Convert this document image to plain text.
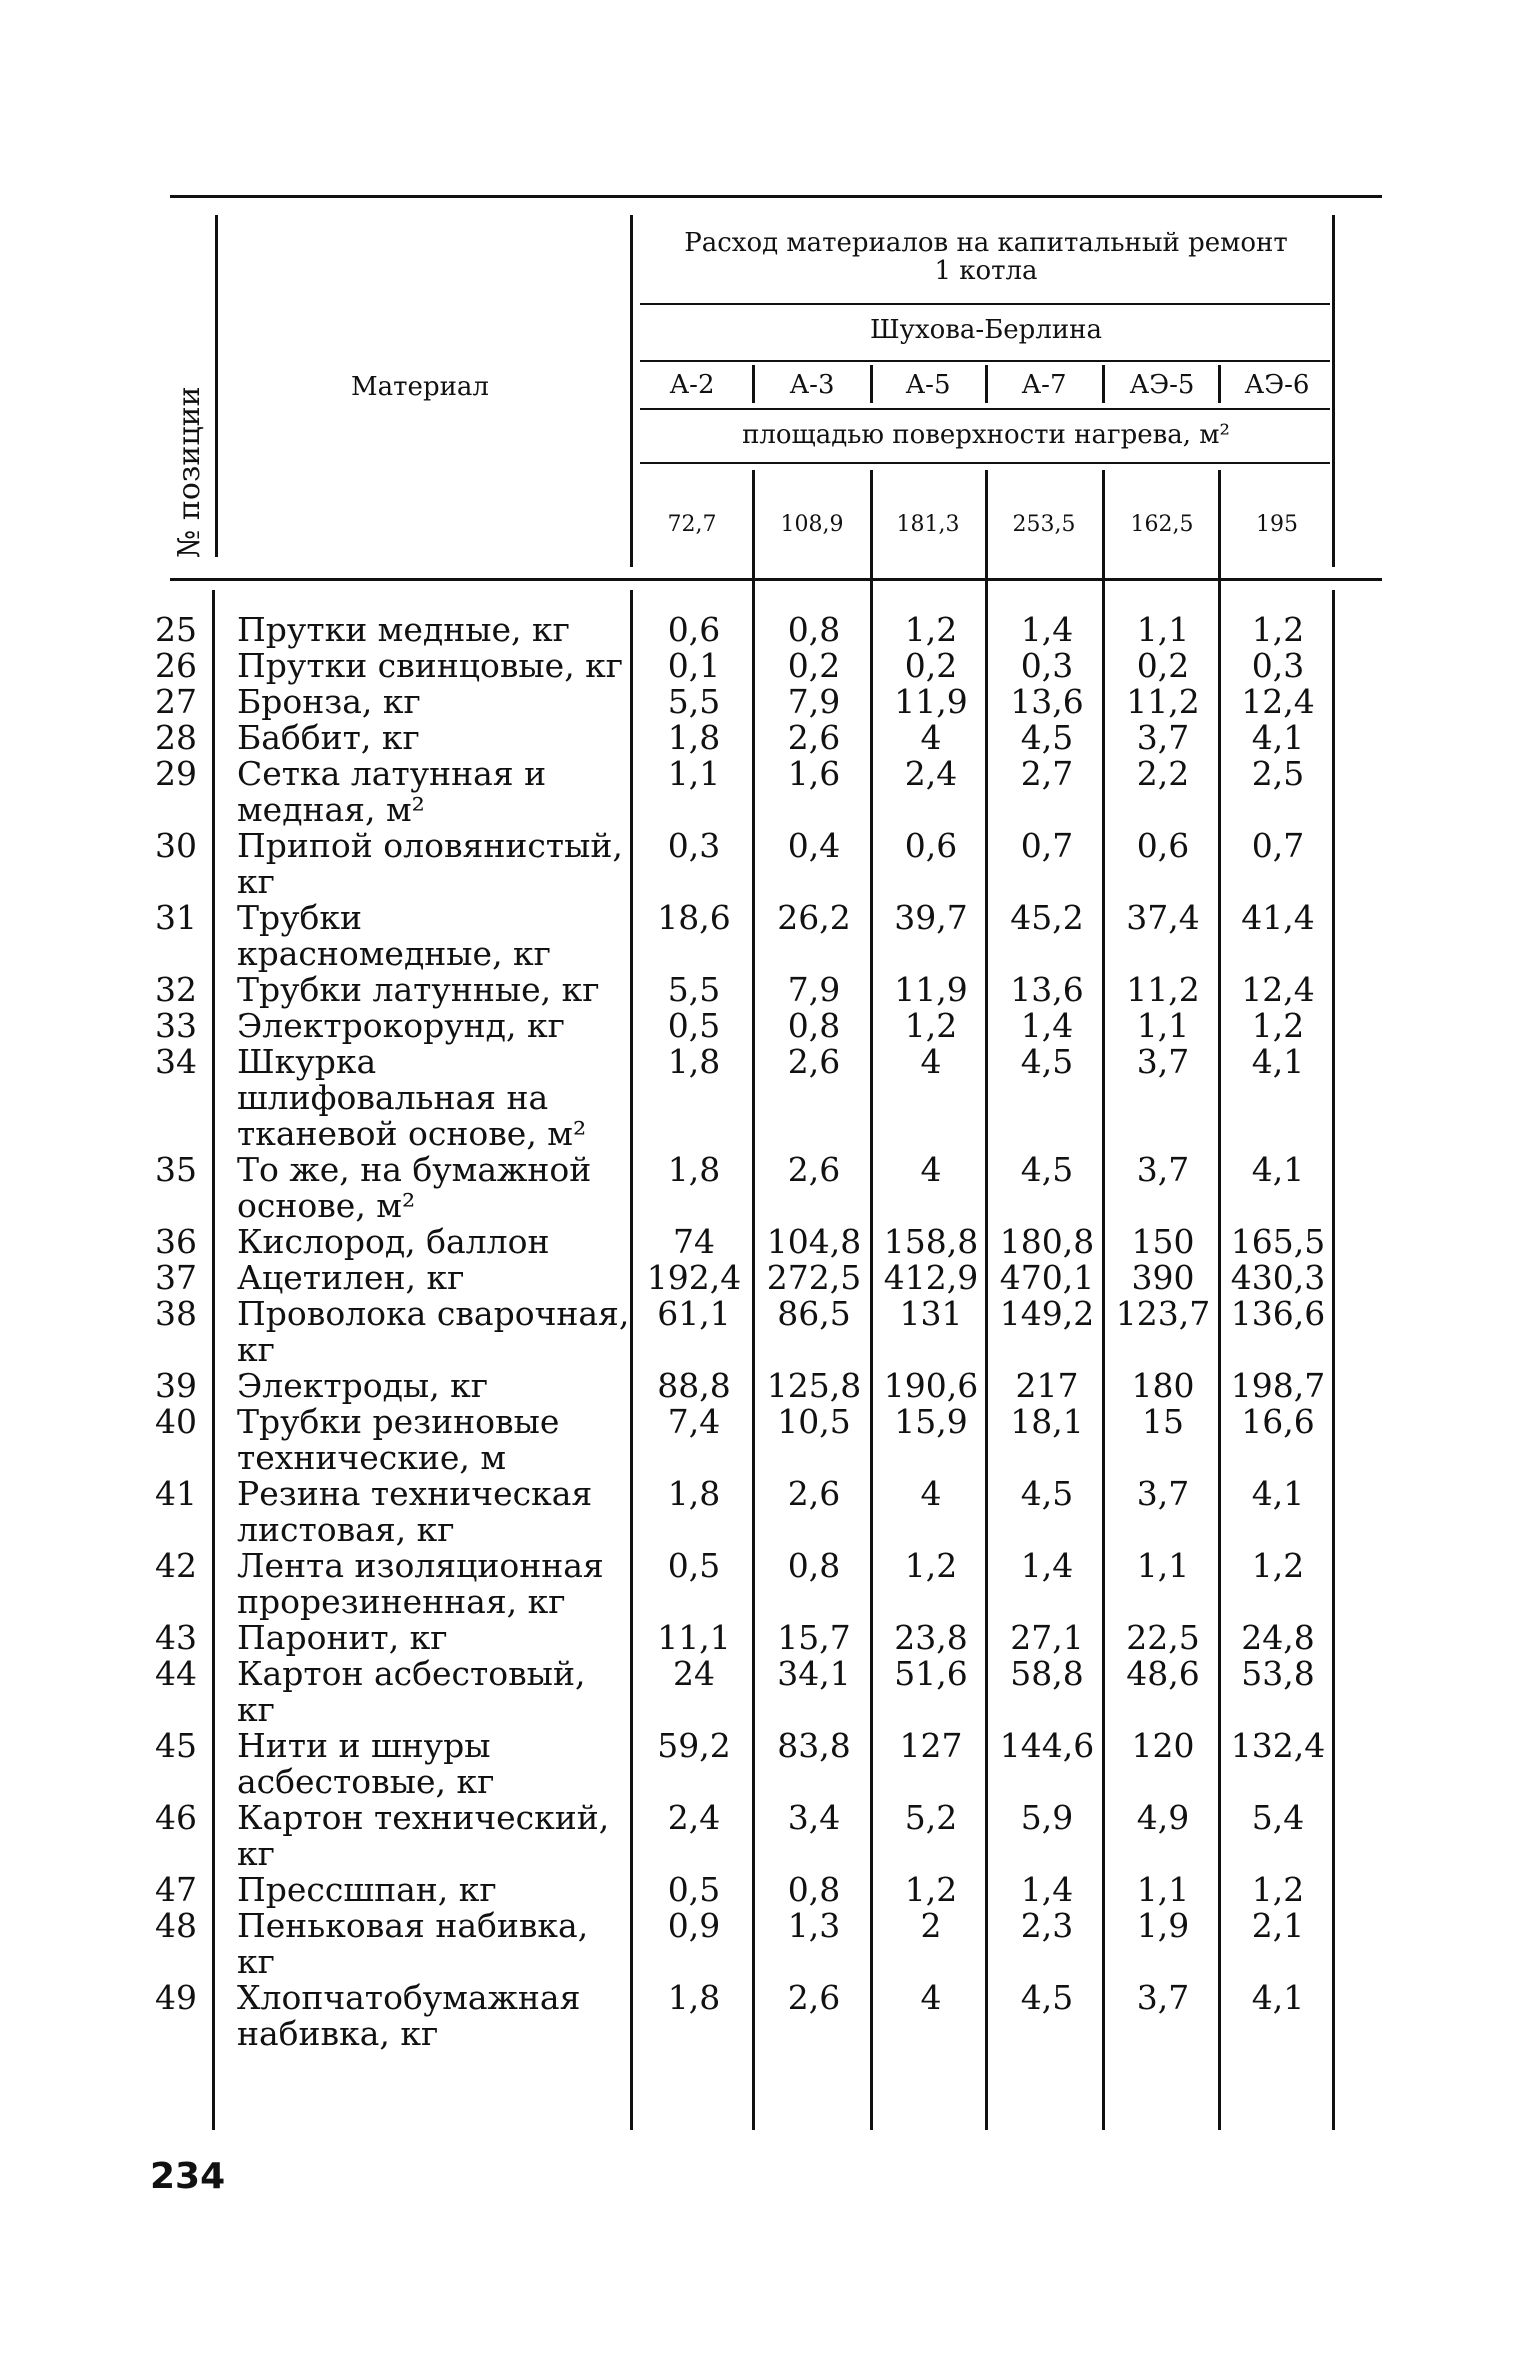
№ позиции	Материал
Расход материалов на капитальный ремонт
1 котла
Шухова-Берлина
А-2	А-3	А-5	А-7	АЭ-5	АЭ-6
площадью поверхности нагрева, м²
72,7	108,9	181,3	253,5	162,5	195
25	Прутки медные, кг	0,6	0,8	1,2	1,4	1,1	1,2
26	Прутки свинцовые, кг	0,1	0,2	0,2	0,3	0,2	0,3
27	Бронза, кг	5,5	7,9	11,9	13,6	11,2	12,4
28	Баббит, кг	1,8	2,6	4	4,5	3,7	4,1
29	Сетка латунная и медная, м²	1,1	1,6	2,4	2,7	2,2	2,5
30	Припой оловянистый, кг	0,3	0,4	0,6	0,7	0,6	0,7
31	Трубки красномедные, кг	18,6	26,2	39,7	45,2	37,4	41,4
32	Трубки латунные, кг	5,5	7,9	11,9	13,6	11,2	12,4
33	Электрокорунд, кг	0,5	0,8	1,2	1,4	1,1	1,2
34	Шкурка шлифовальная на тканевой основе, м²	1,8	2,6	4	4,5	3,7	4,1
35	То же, на бумажной основе, м²	1,8	2,6	4	4,5	3,7	4,1
36	Кислород, баллон	74	104,8	158,8	180,8	150	165,5
37	Ацетилен, кг	192,4	272,5	412,9	470,1	390	430,3
38	Проволока сварочная, кг	61,1	86,5	131	149,2	123,7	136,6
39	Электроды, кг	88,8	125,8	190,6	217	180	198,7
40	Трубки резиновые технические, м	7,4	10,5	15,9	18,1	15	16,6
41	Резина техническая листовая, кг	1,8	2,6	4	4,5	3,7	4,1
42	Лента изоляционная прорезиненная, кг	0,5	0,8	1,2	1,4	1,1	1,2
43	Паронит, кг	11,1	15,7	23,8	27,1	22,5	24,8
44	Картон асбестовый, кг	24	34,1	51,6	58,8	48,6	53,8
45	Нити и шнуры асбестовые, кг	59,2	83,8	127	144,6	120	132,4
46	Картон технический, кг	2,4	3,4	5,2	5,9	4,9	5,4
47	Прессшпан, кг	0,5	0,8	1,2	1,4	1,1	1,2
48	Пеньковая набивка, кг	0,9	1,3	2	2,3	1,9	2,1
49	Хлопчатобумажная набивка, кг	1,8	2,6	4	4,5	3,7	4,1
234
